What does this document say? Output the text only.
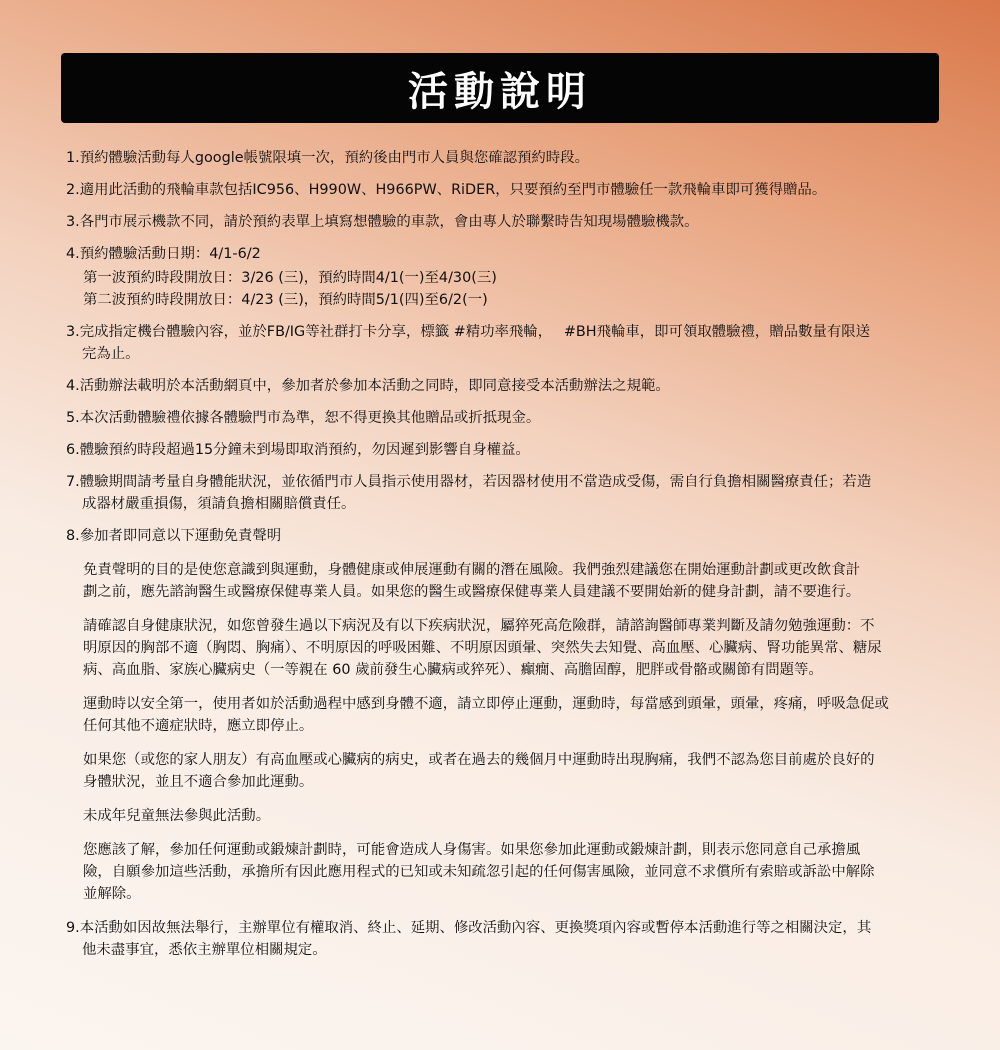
活動說明

1.預約體驗活動每人google帳號限填一次，預約後由門市人員與您確認預約時段。

2.適用此活動的飛輪車款包括IC956、H990W、H966PW、RiDER，只要預約至門市體驗任一款飛輪車即可獲得贈品。

3.各門市展示機款不同，請於預約表單上填寫想體驗的車款，會由專人於聯繫時告知現場體驗機款。

4.預約體驗活動日期：4/1-6/2

第一波預約時段開放日：3/26 (三)，預約時間4/1(一)至4/30(三)

第二波預約時段開放日：4/23 (三)，預約時間5/1(四)至6/2(一)

3.完成指定機台體驗內容，並於FB/IG等社群打卡分享，標籤 #精功率飛輪，　 #BH飛輪車，即可領取體驗禮，贈品數量有限送
完為止。

4.活動辦法載明於本活動網頁中，參加者於參加本活動之同時，即同意接受本活動辦法之規範。

5.本次活動體驗禮依據各體驗門市為準，恕不得更換其他贈品或折抵現金。

6.體驗預約時段超過15分鐘未到場即取消預約，勿因遲到影響自身權益。

7.體驗期間請考量自身體能狀況，並依循門市人員指示使用器材，若因器材使用不當造成受傷，需自行負擔相關醫療責任；若造
成器材嚴重損傷，須請負擔相關賠償責任。

8.參加者即同意以下運動免責聲明

免責聲明的目的是使您意識到與運動，身體健康或伸展運動有關的潛在風險。我們強烈建議您在開始運動計劃或更改飲食計
劃之前，應先諮詢醫生或醫療保健專業人員。如果您的醫生或醫療保健專業人員建議不要開始新的健身計劃，請不要進行。

請確認自身健康狀況，如您曾發生過以下病況及有以下疾病狀況，屬猝死高危險群，請諮詢醫師專業判斷及請勿勉強運動：不
明原因的胸部不適（胸悶、胸痛）、不明原因的呼吸困難、不明原因頭暈、突然失去知覺、高血壓、心臟病、腎功能異常、糖尿
病、高血脂、家族心臟病史（一等親在 60 歲前發生心臟病或猝死）、癲癇、高膽固醇，肥胖或骨骼或關節有問題等。

運動時以安全第一，使用者如於活動過程中感到身體不適，請立即停止運動，運動時，每當感到頭暈，頭暈，疼痛，呼吸急促或
任何其他不適症狀時，應立即停止。

如果您（或您的家人朋友）有高血壓或心臟病的病史，或者在過去的幾個月中運動時出現胸痛，我們不認為您目前處於良好的
身體狀況，並且不適合參加此運動。

未成年兒童無法參與此活動。

您應該了解，參加任何運動或鍛煉計劃時，可能會造成人身傷害。如果您參加此運動或鍛煉計劃，則表示您同意自己承擔風
險，自願參加這些活動，承擔所有因此應用程式的已知或未知疏忽引起的任何傷害風險，並同意不求償所有索賠或訴訟中解除
並解除。

9.本活動如因故無法舉行，主辦單位有權取消、終止、延期、修改活動內容、更換獎項內容或暫停本活動進行等之相關決定，其
他未盡事宜，悉依主辦單位相關規定。
